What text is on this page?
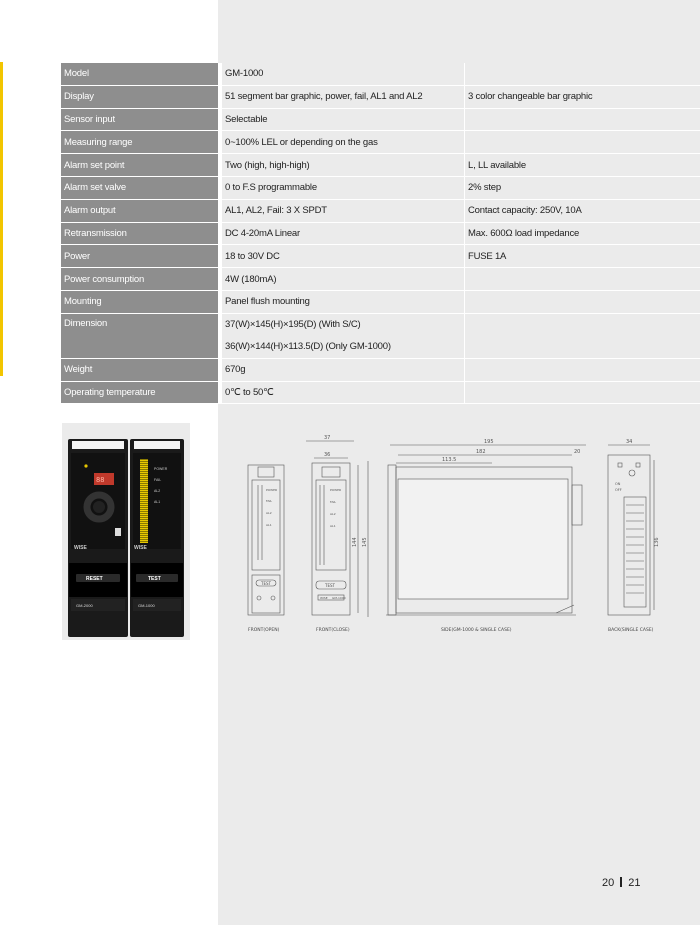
Model	GM-1000	
Display	51 segment bar graphic, power, fail, AL1 and AL2	3 color changeable bar graphic
Sensor input	Selectable	
Measuring range	0~100% LEL or depending on the gas	
Alarm set point	Two (high, high-high)	L, LL available
Alarm set valve	0 to F.S programmable	2% step
Alarm output	AL1, AL2, Fail: 3 X SPDT	Contact capacity: 250V, 10A
Retransmission	DC 4-20mA Linear	Max. 600Ω load impedance
Power	18 to 30V DC	FUSE 1A
Power consumption	4W (180mA)	
Mounting	Panel flush mounting	
Dimension	37(W)×145(H)×195(D) (With S/C)
36(W)×144(H)×113.5(D) (Only GM-1000)	

Weight	670g	
Operating temperature	0℃ to 50℃	
88
WISE
RESET
GM-2000
POWER
FAIL
AL2
AL1
WISE
TEST
GM-1000
POWER
FAIL
AL2
AL1
TEST
37
36
POWER
FAIL
AL2
AL1
TEST
WISE GM-1000
144 145
195
182
113.5
20
34
ON
OFF
136
FRONT(OPEN)	FRONT(CLOSE)	SIDE(GM-1000 & SINGLE CASE)	BACK(SINGLE CASE)
20 21
